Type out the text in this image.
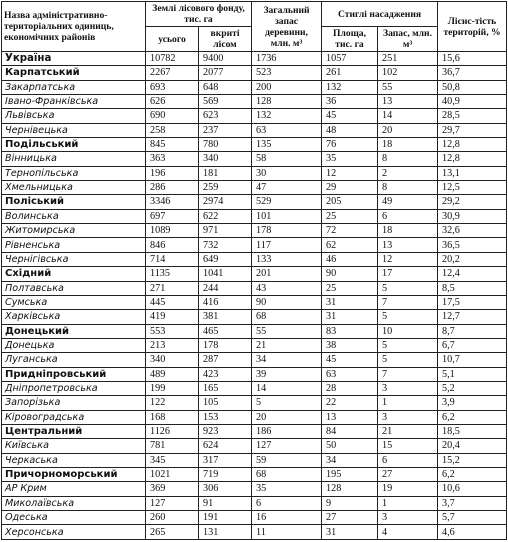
Назва адміністративно-територіальних одиниць, економічних районів	Землі лісового фонду, тис. га		Загальний запас деревини, млн. м³	Стиглі насадження		Лісис-тість територій, %
	усього	вкриті лісом		Площа, тис. га	Запас, млн. м³	
Україна	10782	9400	1736	1057	251	15,6
Карпатський	2267	2077	523	261	102	36,7
Закарпатська	693	648	200	132	55	50,8
Івано-Франківська	626	569	128	36	13	40,9
Львівська	690	623	132	45	14	28,5
Чернівецька	258	237	63	48	20	29,7
Подільський	845	780	135	76	18	12,8
Вінницька	363	340	58	35	8	12,8
Тернопільська	196	181	30	12	2	13,1
Хмельницька	286	259	47	29	8	12,5
Поліський	3346	2974	529	205	49	29,2
Волинська	697	622	101	25	6	30,9
Житомирська	1089	971	178	72	18	32,6
Рівненська	846	732	117	62	13	36,5
Чернігівська	714	649	133	46	12	20,2
Східний	1135	1041	201	90	17	12,4
Полтавська	271	244	43	25	5	8,5
Сумська	445	416	90	31	7	17,5
Харківська	419	381	68	31	5	12,7
Донецький	553	465	55	83	10	8,7
Донецька	213	178	21	38	5	6,7
Луганська	340	287	34	45	5	10,7
Придніпровський	489	423	39	63	7	5,1
Дніпропетровська	199	165	14	28	3	5,2
Запорізька	122	105	5	22	1	3,9
Кіровоградська	168	153	20	13	3	6,2
Центральний	1126	923	186	84	21	18,5
Київська	781	624	127	50	15	20,4
Черкаська	345	317	59	34	6	15,2
Причорноморський	1021	719	68	195	27	6,2
АР Крим	369	306	35	128	19	10,6
Миколаївська	127	91	6	9	1	3,7
Одеська	260	191	16	27	3	5,7
Херсонська	265	131	11	31	4	4,6
